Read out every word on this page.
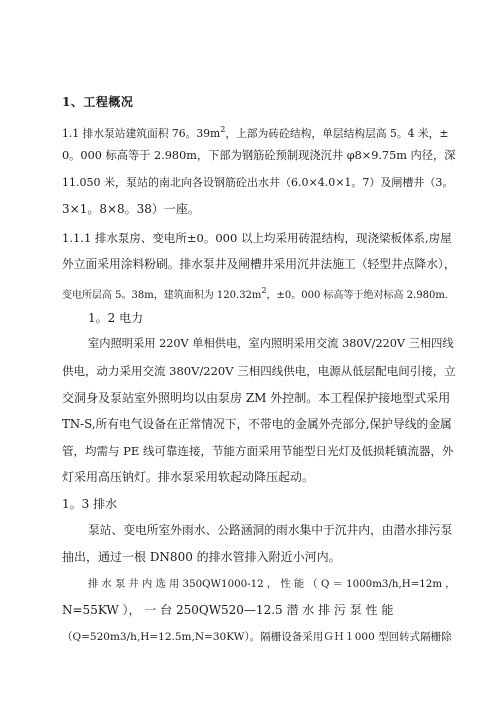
1、工程概况
1.1 排水泵站建筑面积 76。$39m^2$，上部为砖砼结构，单层结构层高 5。4 米，±
0。000 标高等于 2.980m，下部为钢筋砼预制现浇沉井 φ8×9.75m 内径，深
11.050 米，泵站的南北向各设钢筋砼出水井（6.0×4.0×1。7）及闸槽井（3。
3×1。8×8。38）一座。
1.1.1 排水泵房、变电所±0。000 以上均采用砖混结构，现浇梁板体系,房屋
外立面采用涂料粉刷。排水泵井及闸槽井采用沉井法施工（轻型井点降水），
变电所层高 5。38m，建筑面积为 $120.32m^2$，±0。000 标高等于绝对标高 2.980m.
1。2 电力
室内照明采用 220V 单相供电，室内照明采用交流 380V/220V 三相四线
供电，动力采用交流 380V/220V 三相四线供电，电源从低层配电间引接，立
交洞身及泵站室外照明均以由泵房 ZM 外控制。本工程保护接地型式采用
TN-S,所有电气设备在正常情况下，不带电的金属外壳部分,保护导线的金属
管，均需与 PE 线可靠连接，节能方面采用节能型日光灯及低损耗镇流器，外
灯采用高压钠灯。排水泵采用软起动降压起动。
1。3 排水
泵站、变电所室外雨水、公路涵洞的雨水集中于沉井内，由潜水排污泵
抽出，通过一根 DN800 的排水管排入附近小河内。
排 水 泵 井 内 选 用 350QW1000-12 ， 性 能 （ Q ＝ 1000m3/h,H=12m ，
N=55KW ）， 一 台 250QW520—12.5 潜 水 排 污 泵 性 能
（Q=520m3/h,H=12.5m,N=30KW）。隔栅设备采用ＧＨ１000 型回转式隔栅除
